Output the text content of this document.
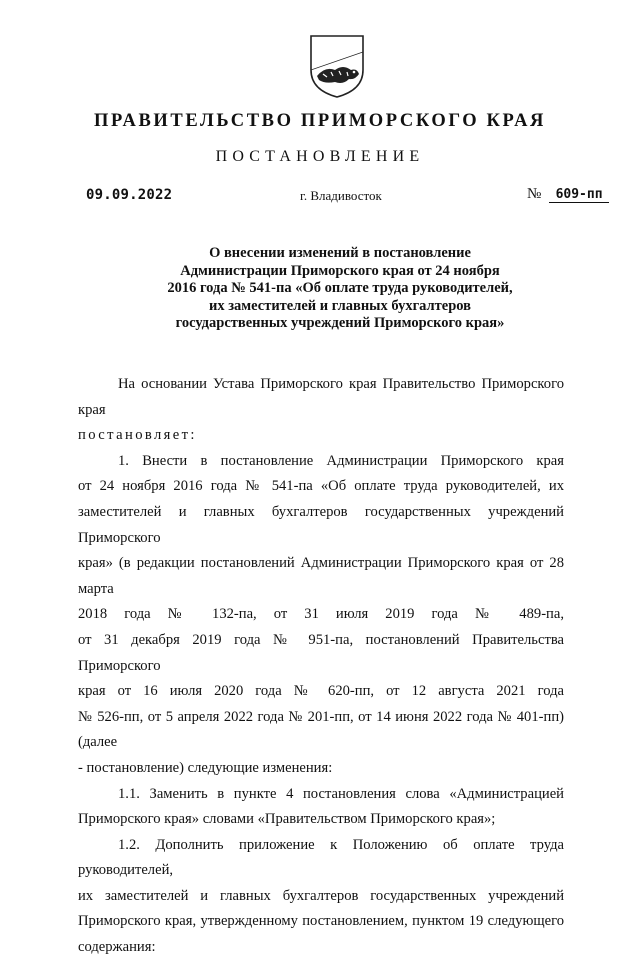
ПРАВИТЕЛЬСТВО ПРИМОРСКОГО КРАЯ
ПОСТАНОВЛЕНИЕ
09.09.2022	г. Владивосток	№ 609-пп
О внесении изменений в постановление
Администрации Приморского края от 24 ноября
2016 года № 541-па «Об оплате труда руководителей,
их заместителей и главных бухгалтеров
государственных учреждений Приморского края»

На основании Устава Приморского края Правительство Приморского края

постановляет:

1. Внести в постановление Администрации Приморского края

от 24 ноября 2016 года № 541-па «Об оплате труда руководителей, их

заместителей и главных бухгалтеров государственных учреждений Приморского

края» (в редакции постановлений Администрации Приморского края от 28 марта

2018 года № 132-па, от 31 июля 2019 года № 489-па,

от 31 декабря 2019 года № 951-па, постановлений Правительства Приморского

края от 16 июля 2020 года № 620-пп, от 12 августа 2021 года

№ 526-пп, от 5 апреля 2022 года № 201-пп, от 14 июня 2022 года № 401-пп) (далее

- постановление) следующие изменения:

1.1. Заменить в пункте 4 постановления слова «Администрацией

Приморского края» словами «Правительством Приморского края»;

1.2. Дополнить приложение к Положению об оплате труда руководителей,

их заместителей и главных бухгалтеров государственных учреждений

Приморского края, утвержденному постановлением, пунктом 19 следующего

содержания:
